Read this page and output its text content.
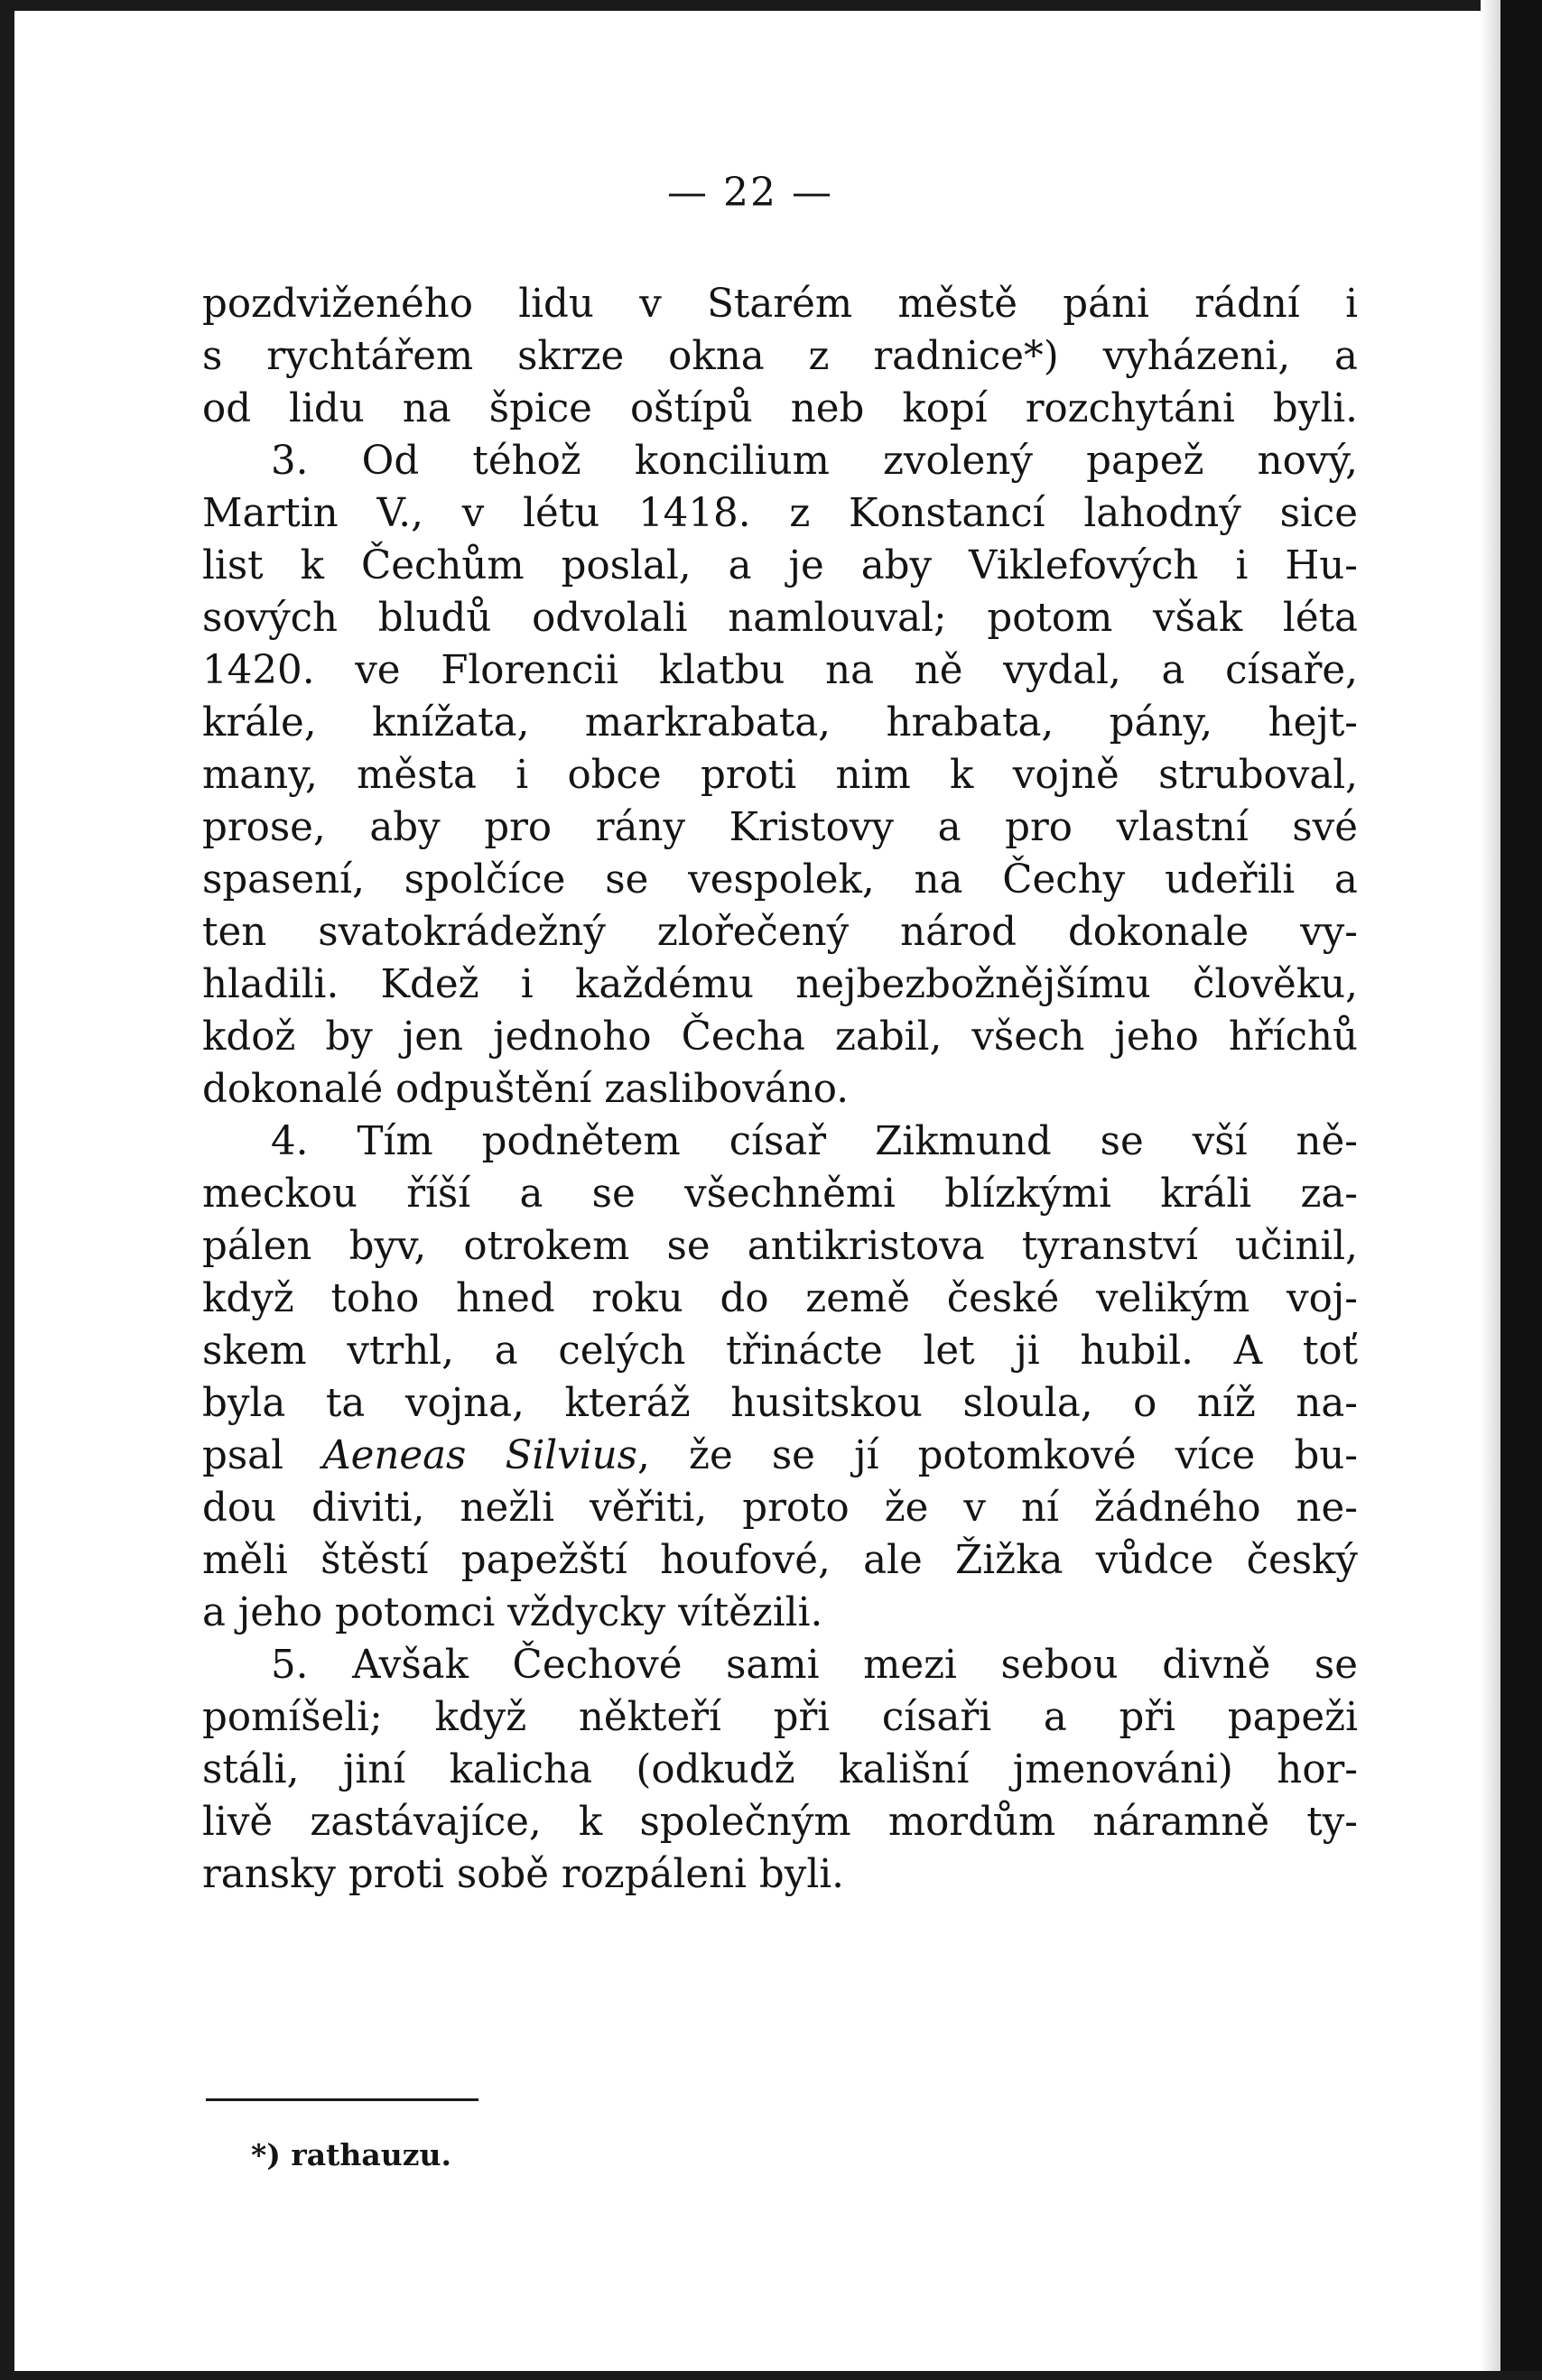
— 22 —
pozdviženého lidu v Starém městě páni rádní i
s rychtářem skrze okna z radnice*) vyházeni, a
od lidu na špice oštípů neb kopí rozchytáni byli.
3. Od téhož koncilium zvolený papež nový,
Martin V., v létu 1418. z Konstancí lahodný sice
list k Čechům poslal, a je aby Viklefových i Hu-
sových bludů odvolali namlouval; potom však léta
1420. ve Florencii klatbu na ně vydal, a císaře,
krále, knížata, markrabata, hrabata, pány, hejt-
many, města i obce proti nim k vojně struboval,
prose, aby pro rány Kristovy a pro vlastní své
spasení, spolčíce se vespolek, na Čechy udeřili a
ten svatokrádežný zlořečený národ dokonale vy-
hladili. Kdež i každému nejbezbožnějšímu člověku,
kdož by jen jednoho Čecha zabil, všech jeho hříchů
dokonalé odpuštění zaslibováno.
4. Tím podnětem císař Zikmund se vší ně-
meckou říší a se všechněmi blízkými králi za-
pálen byv, otrokem se antikristova tyranství učinil,
když toho hned roku do země české velikým voj-
skem vtrhl, a celých třinácte let ji hubil. A toť
byla ta vojna, kteráž husitskou sloula, o níž na-
psal Aeneas Silvius, že se jí potomkové více bu-
dou diviti, nežli věřiti, proto že v ní žádného ne-
měli štěstí papežští houfové, ale Žižka vůdce český
a jeho potomci vždycky vítězili.
5. Avšak Čechové sami mezi sebou divně se
pomíšeli; když někteří při císaři a při papeži
stáli, jiní kalicha (odkudž kališní jmenováni) hor-
livě zastávajíce, k společným mordům náramně ty-
ransky proti sobě rozpáleni byli.
*) rathauzu.
